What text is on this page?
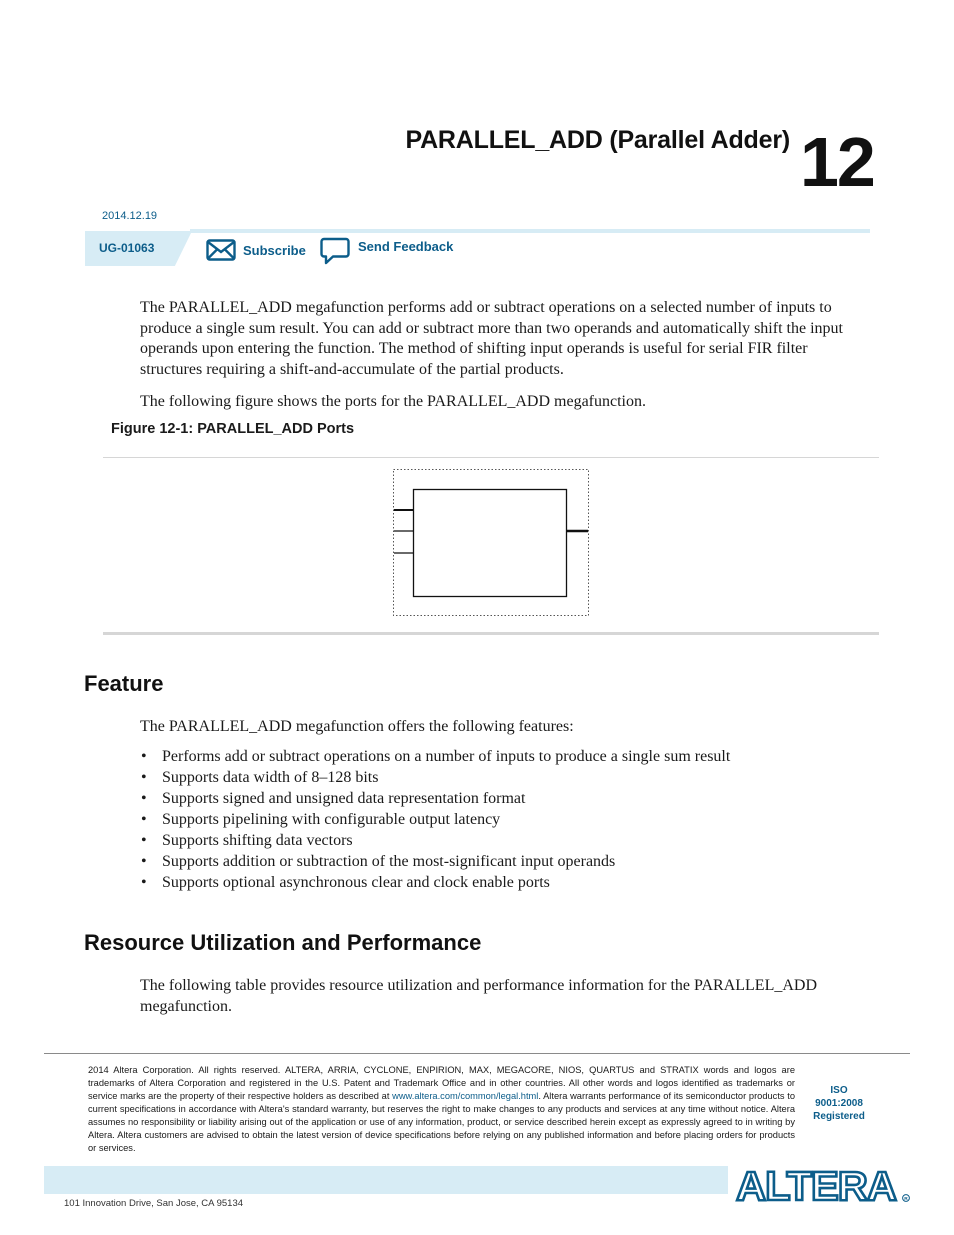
PARALLEL_ADD (Parallel Adder) 12
2014.12.19
UG-01063	Subscribe	Send Feedback

The PARALLEL_ADD megafunction performs add or subtract operations on a selected number of inputs to produce a single sum result. You can add or subtract more than two operands and automatically shift the input operands upon entering the function. The method of shifting input operands is useful for serial FIR filter structures requiring a shift-and-accumulate of the partial products.

The following figure shows the ports for the PARALLEL_ADD megafunction.

Figure 12-1: PARALLEL_ADD Ports
Feature

The PARALLEL_ADD megafunction offers the following features:

• Performs add or subtract operations on a number of inputs to produce a single sum result
• Supports data width of 8–128 bits
• Supports signed and unsigned data representation format
• Supports pipelining with configurable output latency
• Supports shifting data vectors
• Supports addition or subtraction of the most-significant input operands
• Supports optional asynchronous clear and clock enable ports
Resource Utilization and Performance

The following table provides resource utilization and performance information for the PARALLEL_ADD megafunction.

2014 Altera Corporation. All rights reserved. ALTERA, ARRIA, CYCLONE, ENPIRION, MAX, MEGACORE, NIOS, QUARTUS and STRATIX words and logos are trademarks of Altera Corporation and registered in the U.S. Patent and Trademark Office and in other countries. All other words and logos identified as trademarks or service marks are the property of their respective holders as described at www.altera.com/common/legal.html. Altera warrants performance of its semiconductor products to current specifications in accordance with Altera's standard warranty, but reserves the right to make changes to any products and services at any time without notice. Altera assumes no responsibility or liability arising out of the application or use of any information, product, or service described herein except as expressly agreed to in writing by Altera. Altera customers are advised to obtain the latest version of device specifications before relying on any published information and before placing orders for products or services.

ISO
9001:2008
Registered
ALTERA R
101 Innovation Drive, San Jose, CA 95134
